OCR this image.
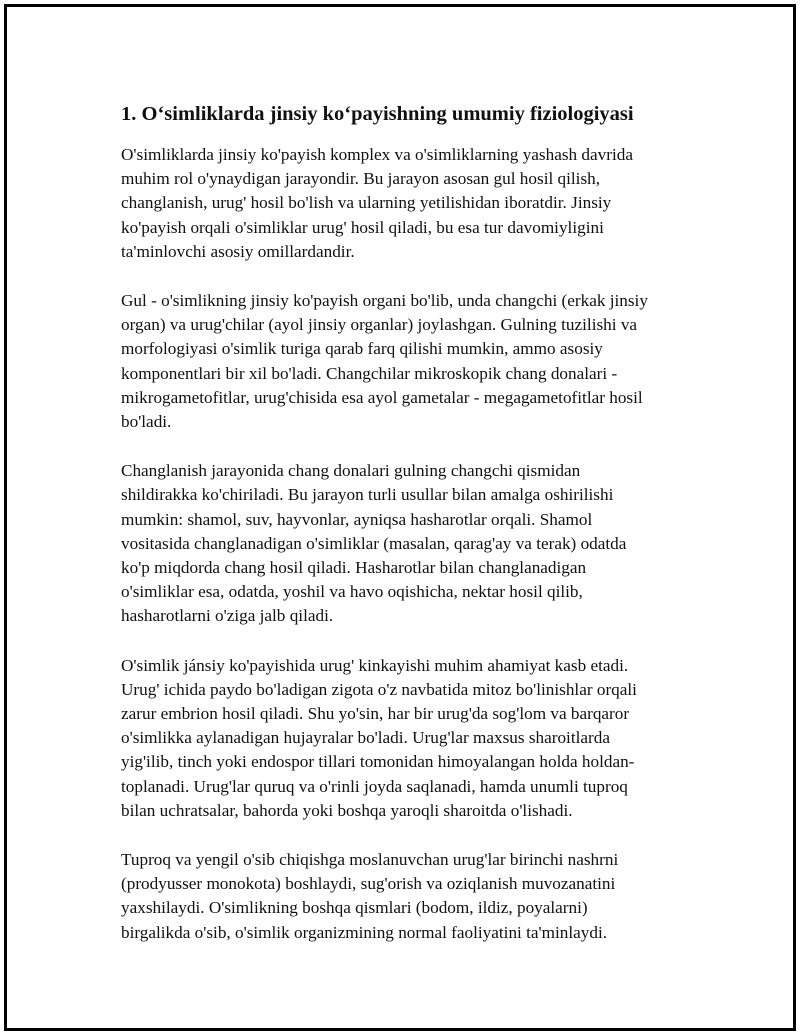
1. O‘simliklarda jinsiy ko‘payishning umumiy fiziologiyasi

O'simliklarda jinsiy ko'payish komplex va o'simliklarning yashash davrida
muhim rol o'ynaydigan jarayondir. Bu jarayon asosan gul hosil qilish,
changlanish, urug' hosil bo'lish va ularning yetilishidan iboratdir. Jinsiy
ko'payish orqali o'simliklar urug' hosil qiladi, bu esa tur davomiyligini
ta'minlovchi asosiy omillardandir.

Gul - o'simlikning jinsiy ko'payish organi bo'lib, unda changchi (erkak jinsiy
organ) va urug'chilar (ayol jinsiy organlar) joylashgan. Gulning tuzilishi va
morfologiyasi o'simlik turiga qarab farq qilishi mumkin, ammo asosiy
komponentlari bir xil bo'ladi. Changchilar mikroskopik chang donalari -
mikrogametofitlar, urug'chisida esa ayol gametalar - megagametofitlar hosil
bo'ladi.

Changlanish jarayonida chang donalari gulning changchi qismidan
shildirakka ko'chiriladi. Bu jarayon turli usullar bilan amalga oshirilishi
mumkin: shamol, suv, hayvonlar, ayniqsa hasharotlar orqali. Shamol
vositasida changlanadigan o'simliklar (masalan, qarag'ay va terak) odatda
ko'p miqdorda chang hosil qiladi. Hasharotlar bilan changlanadigan
o'simliklar esa, odatda, yoshil va havo oqishicha, nektar hosil qilib,
hasharotlarni o'ziga jalb qiladi.

O'simlik jánsiy ko'payishida urug' kinkayishi muhim ahamiyat kasb etadi.
Urug' ichida paydo bo'ladigan zigota o'z navbatida mitoz bo'linishlar orqali
zarur embrion hosil qiladi. Shu yo'sin, har bir urug'da sog'lom va barqaror
o'simlikka aylanadigan hujayralar bo'ladi. Urug'lar maxsus sharoitlarda
yig'ilib, tinch yoki endospor tillari tomonidan himoyalangan holda holdan-
toplanadi. Urug'lar quruq va o'rinli joyda saqlanadi, hamda unumli tuproq
bilan uchratsalar, bahorda yoki boshqa yaroqli sharoitda o'lishadi.

Tuproq va yengil o'sib chiqishga moslanuvchan urug'lar birinchi nashrni
(prodyusser monokota) boshlaydi, sug'orish va oziqlanish muvozanatini
yaxshilaydi. O'simlikning boshqa qismlari (bodom, ildiz, poyalarni)
birgalikda o'sib, o'simlik organizmining normal faoliyatini ta'minlaydi.
